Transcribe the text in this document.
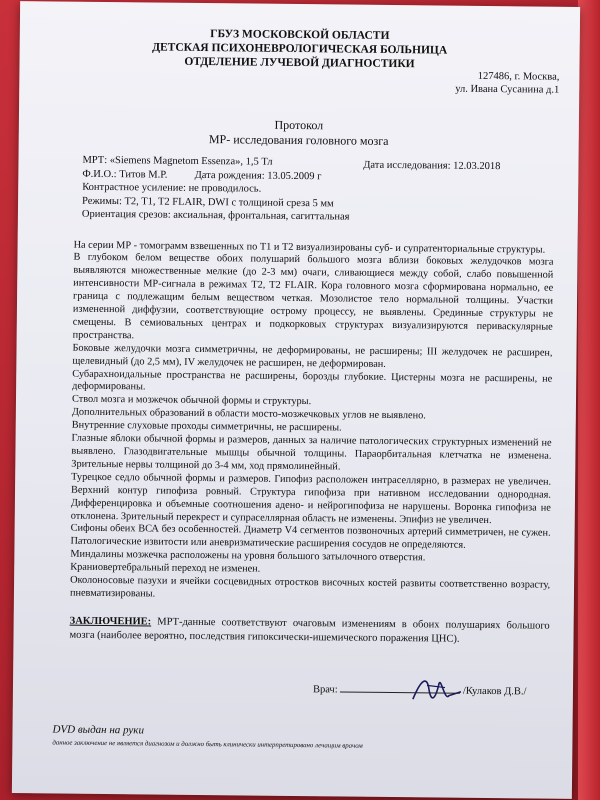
ГБУЗ МОСКОВСКОЙ ОБЛАСТИ
ДЕТСКАЯ ПСИХОНЕВРОЛОГИЧЕСКАЯ БОЛЬНИЦА
ОТДЕЛЕНИЕ ЛУЧЕВОЙ ДИАГНОСТИКИ
127486, г. Москва,
ул. Ивана Сусанина д.1
Протокол
МР- исследования головного мозга
МРТ: «Siemens Magnetom Essenza», 1,5 Тл	Дата исследования: 12.03.2018
Ф.И.О.: Титов М.Р.	Дата рождения: 13.05.2009 г
Контрастное усиление: не проводилось.
Режимы: T2, T1, T2 FLAIR, DWI с толщиной среза 5 мм
Ориентация срезов: аксиальная, фронтальная, сагиттальная

На серии МР - томограмм взвешенных по Т1 и Т2 визуализированы суб- и супратенториальные структуры.

В глубоком белом веществе обоих полушарий большого мозга вблизи боковых желудочков мозга выявляются множественные мелкие (до 2-3 мм) очаги, сливающиеся между собой, слабо повышенной интенсивности МР-сигнала в режимах T2, T2 FLAIR. Кора головного мозга сформирована нормально, ее граница с подлежащим белым веществом четкая. Мозолистое тело нормальной толщины. Участки измененной диффузии, соответствующие острому процессу, не выявлены. Срединные структуры не смещены. В семиовальных центрах и подкорковых структурах визуализируются периваскулярные пространства.

Боковые желудочки мозга симметричны, не деформированы, не расширены; III желудочек не расширен, щелевидный (до 2,5 мм), IV желудочек не расширен, не деформирован.

Субарахноидальные пространства не расширены, борозды глубокие. Цистерны мозга не расширены, не деформированы.

Ствол мозга и мозжечок обычной формы и структуры.

Дополнительных образований в области мосто-мозжечковых углов не выявлено.

Внутренние слуховые проходы симметричны, не расширены.

Глазные яблоки обычной формы и размеров, данных за наличие патологических структурных изменений не выявлено. Глазодвигательные мышцы обычной толщины. Параорбитальная клетчатка не изменена. Зрительные нервы толщиной до 3-4 мм, ход прямолинейный.

Турецкое седло обычной формы и размеров. Гипофиз расположен интраселлярно, в размерах не увеличен. Верхний контур гипофиза ровный. Структура гипофиза при нативном исследовании однородная. Дифференцировка и объемные соотношения адено- и нейрогипофиза не нарушены. Воронка гипофиза не отклонена. Зрительный перекрест и супраселлярная область не изменены. Эпифиз не увеличен.

Сифоны обеих ВСА без особенностей. Диаметр V4 сегментов позвоночных артерий симметричен, не сужен. Патологические извитости или аневризматические расширения сосудов не определяются.

Миндалины мозжечка расположены на уровня большого затылочного отверстия.

Краниовертебральный переход не изменен.

Околоносовые пазухи и ячейки сосцевидных отростков височных костей развиты соответственно возрасту, пневматизированы.

ЗАКЛЮЧЕНИЕ: МРТ-данные соответствуют очаговым изменениям в обоих полушариях большого мозга (наиболее вероятно, последствия гипоксически-ишемического поражения ЦНС).
Врач:	/Кулаков Д.В./
DVD выдан на руки
данное заключение не является диагнозом и должно быть клинически интерпретировано лечащим врачом
